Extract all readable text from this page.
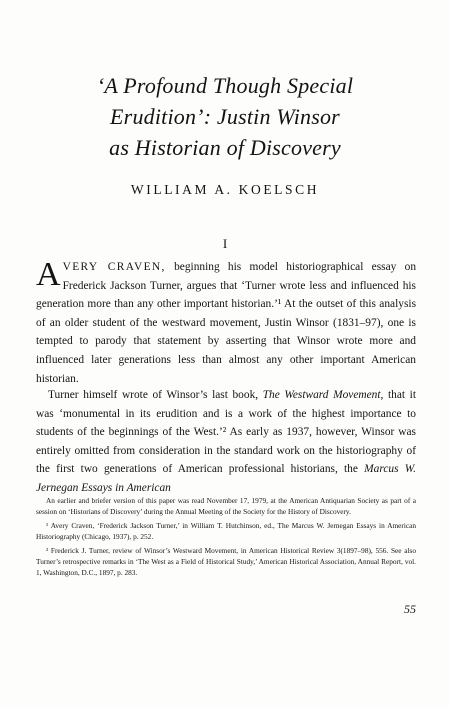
‘A Profound Though Special
Erudition’: Justin Winsor
as Historian of Discovery
WILLIAM A. KOELSCH
I
AVERY CRAVEN, beginning his model historiographical essay on Frederick Jackson Turner, argues that ‘Turner wrote less and influenced his generation more than any other important historian.’¹ At the outset of this analysis of an older student of the westward movement, Justin Winsor (1831–97), one is tempted to parody that statement by asserting that Winsor wrote more and influenced later generations less than almost any other important American historian.
Turner himself wrote of Winsor’s last book, The Westward Movement, that it was ‘monumental in its erudition and is a work of the highest importance to students of the beginnings of the West.’² As early as 1937, however, Winsor was entirely omitted from consideration in the standard work on the historiography of the first two generations of American professional historians, the Marcus W. Jernegan Essays in American

An earlier and briefer version of this paper was read November 17, 1979, at the American Antiquarian Society as part of a session on ‘Historians of Discovery’ during the Annual Meeting of the Society for the History of Discovery.

¹ Avery Craven, ‘Frederick Jackson Turner,’ in William T. Hutchinson, ed., The Marcus W. Jernegan Essays in American Historiography (Chicago, 1937), p. 252.

² Frederick J. Turner, review of Winsor’s Westward Movement, in American Historical Review 3(1897–98), 556. See also Turner’s retrospective remarks in ‘The West as a Field of Historical Study,’ American Historical Association, Annual Report, vol. 1, Washington, D.C., 1897, p. 283.

55
